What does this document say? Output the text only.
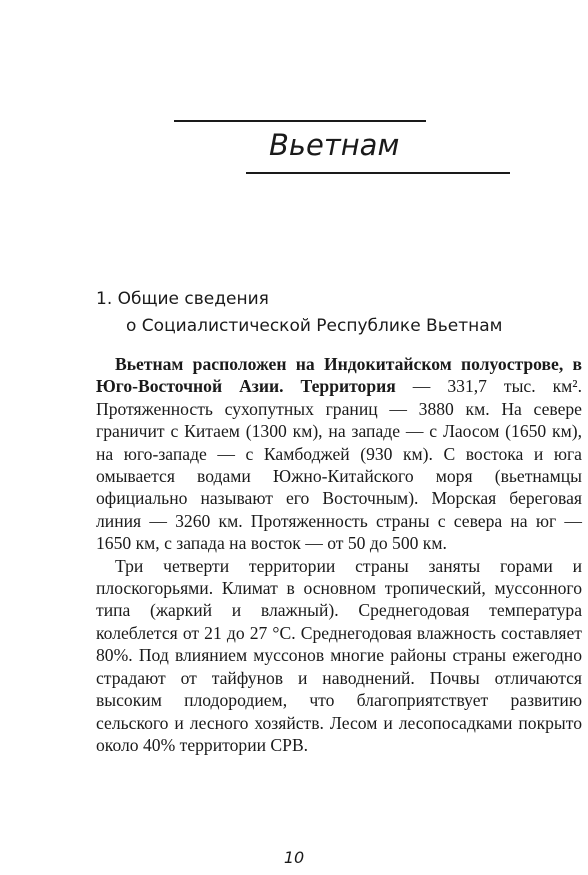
Вьетнам
1. Общие сведения
о Социалистической Республике Вьетнам

Вьетнам расположен на Индокитайском полуострове, в Юго-Восточной Азии. Территория — 331,7 тыс. км². Протяженность сухопутных границ — 3880 км. На севере граничит с Китаем (1300 км), на западе — с Лаосом (1650 км), на юго-западе — с Камбоджей (930 км). С востока и юга омывается водами Южно-Китайского моря (вьетнамцы официально называют его Восточным). Морская береговая линия — 3260 км. Протяженность страны с севера на юг — 1650 км, с запада на восток — от 50 до 500 км.

Три четверти территории страны заняты горами и плоскогорьями. Климат в основном тропический, муссонного типа (жаркий и влажный). Среднегодовая температура колеблется от 21 до 27 °С. Среднегодовая влажность составляет 80%. Под влиянием муссонов многие районы страны ежегодно страдают от тайфунов и наводнений. Почвы отличаются высоким плодородием, что благоприятствует развитию сельского и лесного хозяйств. Лесом и лесопосадками покрыто около 40% территории СРВ.

10
